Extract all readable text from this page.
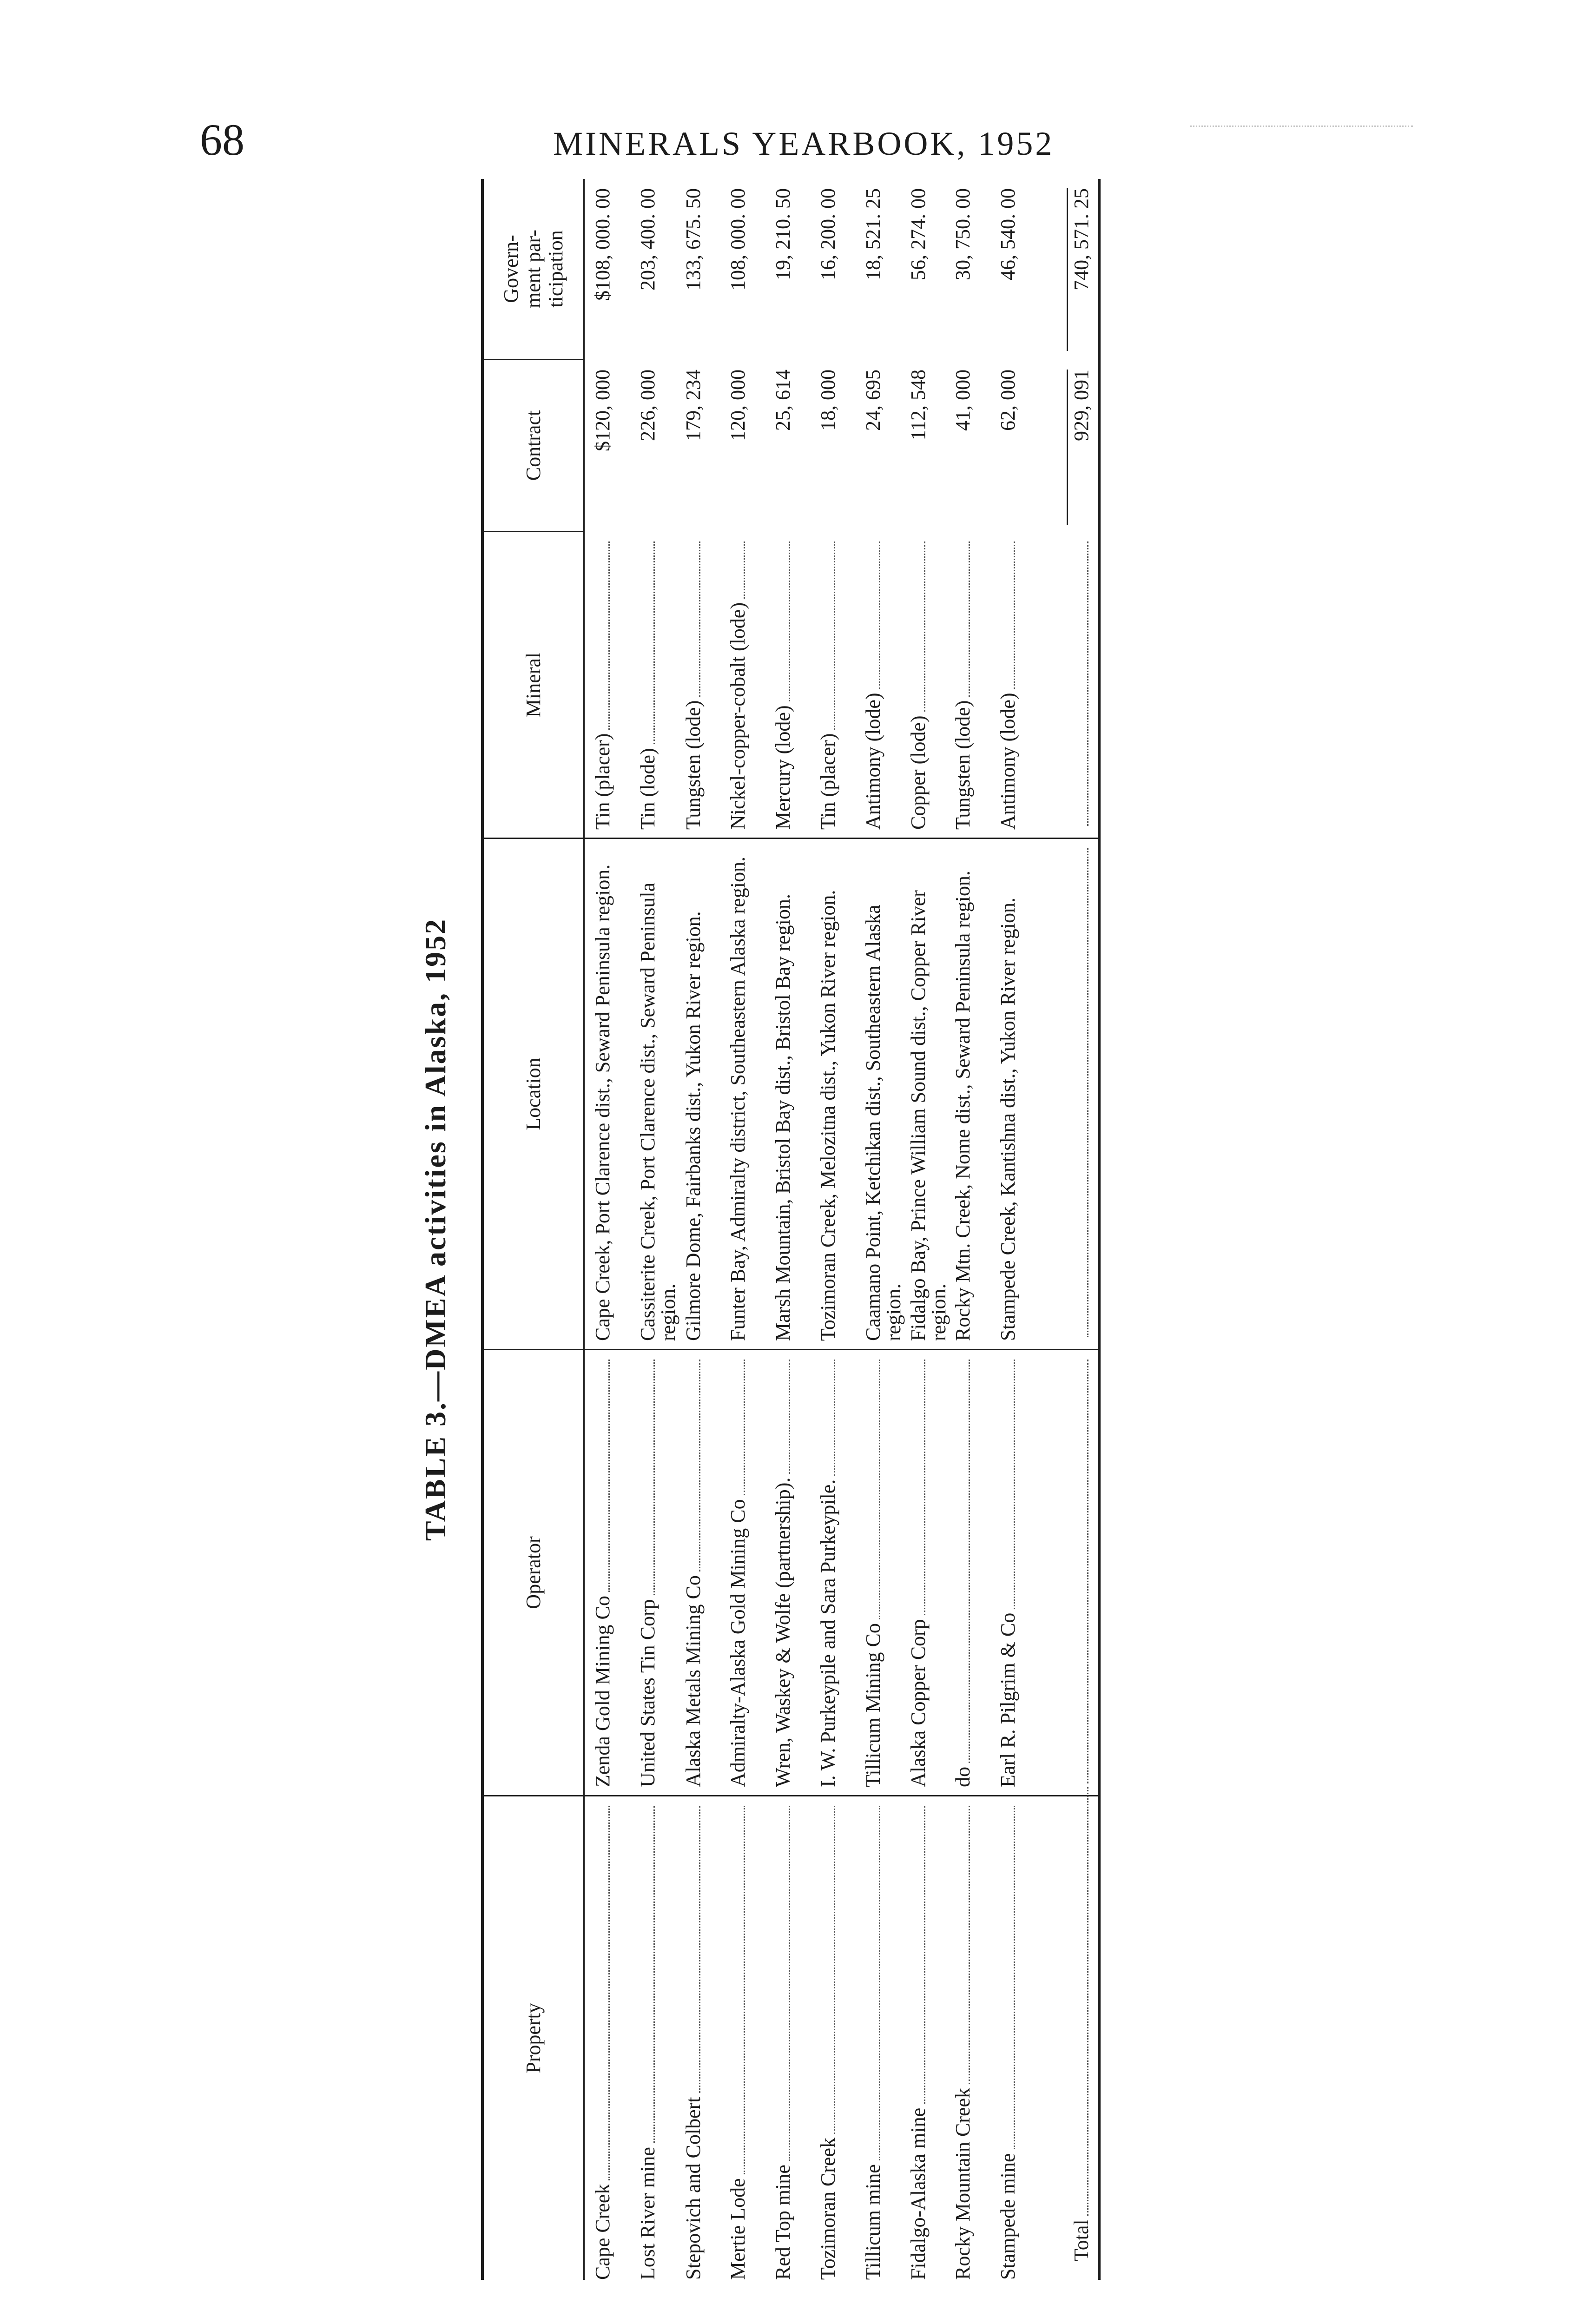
68	MINERALS YEARBOOK, 1952
TABLE 3.—DMEA activities in Alaska, 1952
Property
Operator
Location
Mineral
Contract
Govern-
ment par-
ticipation
Cape Creek
Zenda Gold Mining Co
Cape Creek, Port Clarence dist., Seward Peninsula region.
Tin (placer)
$120, 000
$108, 000. 00
Lost River mine
United States Tin Corp
Cassiterite Creek, Port Clarence dist., Seward Peninsula region.
Tin (lode)
226, 000
203, 400. 00
Stepovich and Colbert
Alaska Metals Mining Co
Gilmore Dome, Fairbanks dist., Yukon River region.
Tungsten (lode)
179, 234
133, 675. 50
Mertie Lode
Admiralty-Alaska Gold Mining Co
Funter Bay, Admiralty district, Southeastern Alaska region.
Nickel-copper-cobalt (lode)
120, 000
108, 000. 00
Red Top mine
Wren, Waskey & Wolfe (partnership).
Marsh Mountain, Bristol Bay dist., Bristol Bay region.
Mercury (lode)
25, 614
19, 210. 50
Tozimoran Creek
I. W. Purkeypile and Sara Purkeypile.
Tozimoran Creek, Melozitna dist., Yukon River region.
Tin (placer)
18, 000
16, 200. 00
Tillicum mine
Tillicum Mining Co
Caamano Point, Ketchikan dist., Southeastern Alaska region.
Antimony (lode)
24, 695
18, 521. 25
Fidalgo-Alaska mine
Alaska Copper Corp
Fidalgo Bay, Prince William Sound dist., Copper River region.
Copper (lode)
112, 548
56, 274. 00
Rocky Mountain Creek
do
Rocky Mtn. Creek, Nome dist., Seward Peninsula region.
Tungsten (lode)
41, 000
30, 750. 00
Stampede mine
Earl R. Pilgrim & Co
Stampede Creek, Kantishna dist., Yukon River region.
Antimony (lode)
62, 000
46, 540. 00
Total
929, 091
740, 571. 25
